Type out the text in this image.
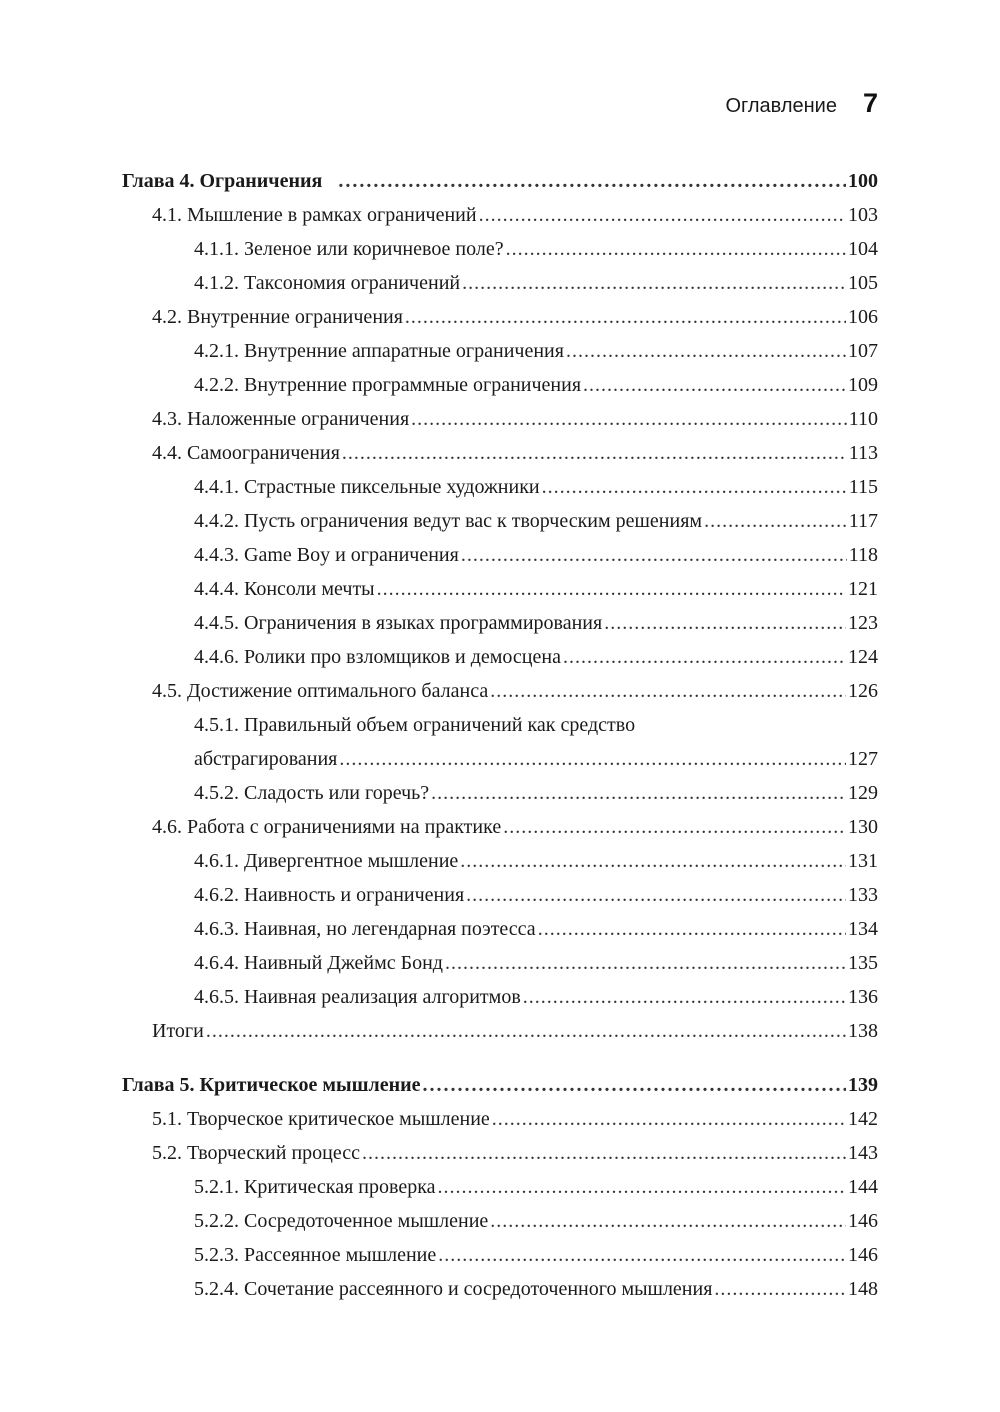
Оглавление 7
Глава 4. Ограничения .....	100
4.1. Мышление в рамках ограничений .....	103
4.1.1. Зеленое или коричневое поле? .....	104
4.1.2. Таксономия ограничений .....	105
4.2. Внутренние ограничения .....	106
4.2.1. Внутренние аппаратные ограничения .....	107
4.2.2. Внутренние программные ограничения .....	109
4.3. Наложенные ограничения .....	110
4.4. Самоограничения .....	113
4.4.1. Страстные пиксельные художники .....	115
4.4.2. Пусть ограничения ведут вас к творческим решениям .....	117
4.4.3. Game Boy и ограничения .....	118
4.4.4. Консоли мечты .....	121
4.4.5. Ограничения в языках программирования .....	123
4.4.6. Ролики про взломщиков и демосцена .....	124
4.5. Достижение оптимального баланса .....	126
4.5.1. Правильный объем ограничений как средство
абстрагирования .....	127
4.5.2. Сладость или горечь? .....	129
4.6. Работа с ограничениями на практике .....	130
4.6.1. Дивергентное мышление .....	131
4.6.2. Наивность и ограничения .....	133
4.6.3. Наивная, но легендарная поэтесса .....	134
4.6.4. Наивный Джеймс Бонд .....	135
4.6.5. Наивная реализация алгоритмов .....	136
Итоги .....	138
Глава 5. Критическое мышление .....	139
5.1. Творческое критическое мышление .....	142
5.2. Творческий процесс .....	143
5.2.1. Критическая проверка .....	144
5.2.2. Сосредоточенное мышление .....	146
5.2.3. Рассеянное мышление .....	146
5.2.4. Сочетание рассеянного и сосредоточенного мышления .....	148
